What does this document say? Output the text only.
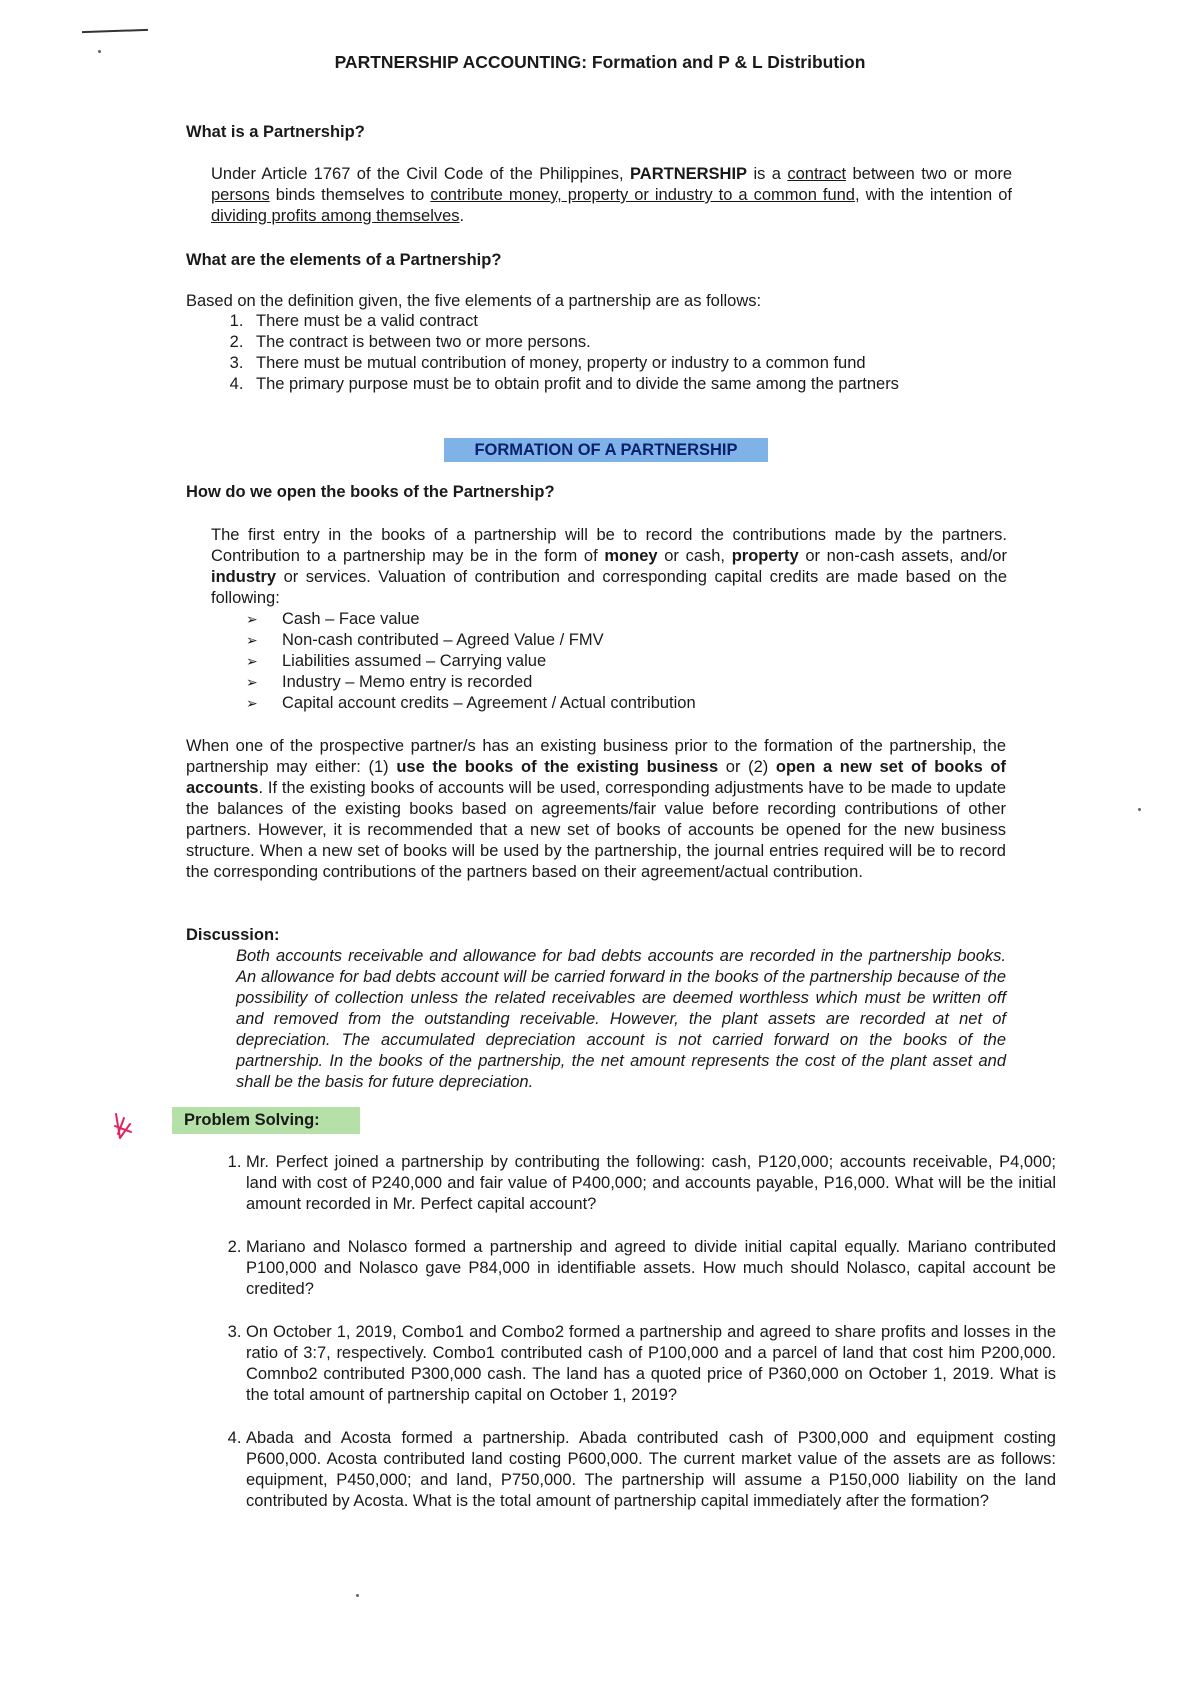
PARTNERSHIP ACCOUNTING: Formation and P & L Distribution
What is a Partnership?
Under Article 1767 of the Civil Code of the Philippines, PARTNERSHIP is a contract between two or more persons binds themselves to contribute money, property or industry to a common fund, with the intention of dividing profits among themselves.
What are the elements of a Partnership?
Based on the definition given, the five elements of a partnership are as follows:
1. There must be a valid contract
2. The contract is between two or more persons.
3. There must be mutual contribution of money, property or industry to a common fund
4. The primary purpose must be to obtain profit and to divide the same among the partners
FORMATION OF A PARTNERSHIP
How do we open the books of the Partnership?
The first entry in the books of a partnership will be to record the contributions made by the partners. Contribution to a partnership may be in the form of money or cash, property or non-cash assets, and/or industry or services. Valuation of contribution and corresponding capital credits are made based on the following:
➢ Cash – Face value
➢ Non-cash contributed – Agreed Value / FMV
➢ Liabilities assumed – Carrying value
➢ Industry – Memo entry is recorded
➢ Capital account credits – Agreement / Actual contribution
When one of the prospective partner/s has an existing business prior to the formation of the partnership, the partnership may either: (1) use the books of the existing business or (2) open a new set of books of accounts. If the existing books of accounts will be used, corresponding adjustments have to be made to update the balances of the existing books based on agreements/fair value before recording contributions of other partners. However, it is recommended that a new set of books of accounts be opened for the new business structure. When a new set of books will be used by the partnership, the journal entries required will be to record the corresponding contributions of the partners based on their agreement/actual contribution.
Discussion:
Both accounts receivable and allowance for bad debts accounts are recorded in the partnership books. An allowance for bad debts account will be carried forward in the books of the partnership because of the possibility of collection unless the related receivables are deemed worthless which must be written off and removed from the outstanding receivable. However, the plant assets are recorded at net of depreciation. The accumulated depreciation account is not carried forward on the books of the partnership. In the books of the partnership, the net amount represents the cost of the plant asset and shall be the basis for future depreciation.
Problem Solving:
1. Mr. Perfect joined a partnership by contributing the following: cash, P120,000; accounts receivable, P4,000; land with cost of P240,000 and fair value of P400,000; and accounts payable, P16,000. What will be the initial amount recorded in Mr. Perfect capital account?
2. Mariano and Nolasco formed a partnership and agreed to divide initial capital equally. Mariano contributed P100,000 and Nolasco gave P84,000 in identifiable assets. How much should Nolasco, capital account be credited?
3. On October 1, 2019, Combo1 and Combo2 formed a partnership and agreed to share profits and losses in the ratio of 3:7, respectively. Combo1 contributed cash of P100,000 and a parcel of land that cost him P200,000. Comnbo2 contributed P300,000 cash. The land has a quoted price of P360,000 on October 1, 2019. What is the total amount of partnership capital on October 1, 2019?
4. Abada and Acosta formed a partnership. Abada contributed cash of P300,000 and equipment costing P600,000. Acosta contributed land costing P600,000. The current market value of the assets are as follows: equipment, P450,000; and land, P750,000. The partnership will assume a P150,000 liability on the land contributed by Acosta. What is the total amount of partnership capital immediately after the formation?
